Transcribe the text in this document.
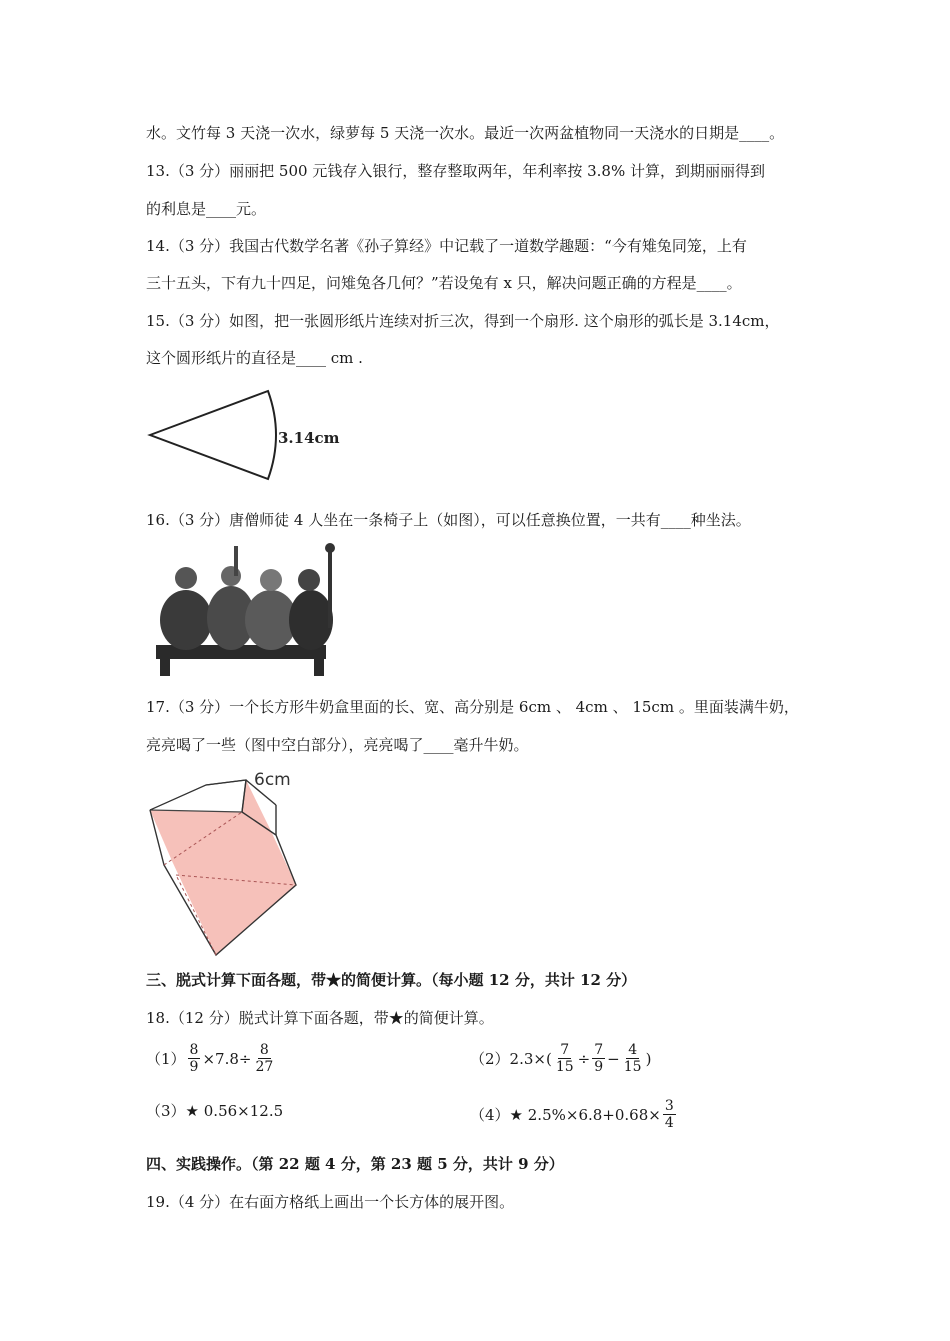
水。文竹每 3 天浇一次水，绿萝每 5 天浇一次水。最近一次两盆植物同一天浇水的日期是____。
13.（3 分）丽丽把 500 元钱存入银行，整存整取两年，年利率按 3.8% 计算，到期丽丽得到
的利息是____元。
14.（3 分）我国古代数学名著《孙子算经》中记载了一道数学趣题：“今有雉兔同笼，上有
三十五头，下有九十四足，问雉兔各几何？”若设兔有 x 只，解决问题正确的方程是____。
15.（3 分）如图，把一张圆形纸片连续对折三次，得到一个扇形. 这个扇形的弧长是 3.14cm，
这个圆形纸片的直径是____ cm .
3.14cm
16.（3 分）唐僧师徒 4 人坐在一条椅子上（如图），可以任意换位置，一共有____种坐法。
17.（3 分）一个长方形牛奶盒里面的长、宽、高分别是 6cm 、 4cm 、 15cm 。里面装满牛奶，
亮亮喝了一些（图中空白部分），亮亮喝了____毫升牛奶。
6cm
三、脱式计算下面各题，带★的简便计算。（每小题 12 分，共计 12 分）
18.（12 分）脱式计算下面各题，带★的简便计算。
$(1) \frac{8}{9} \times 7.8\div \frac{8}{27}$	（2） $2.3\times( \frac{7}{15} \div \frac{7}{9} - \frac{4}{15}$ )
（3） ★ 0.56×12.5	（4） ★ $2.5\%\times 6.8+0.68\times \frac{3}{4}$
四、实践操作。（第 22 题 4 分，第 23 题 5 分，共计 9 分）
19.（4 分）在右面方格纸上画出一个长方体的展开图。
